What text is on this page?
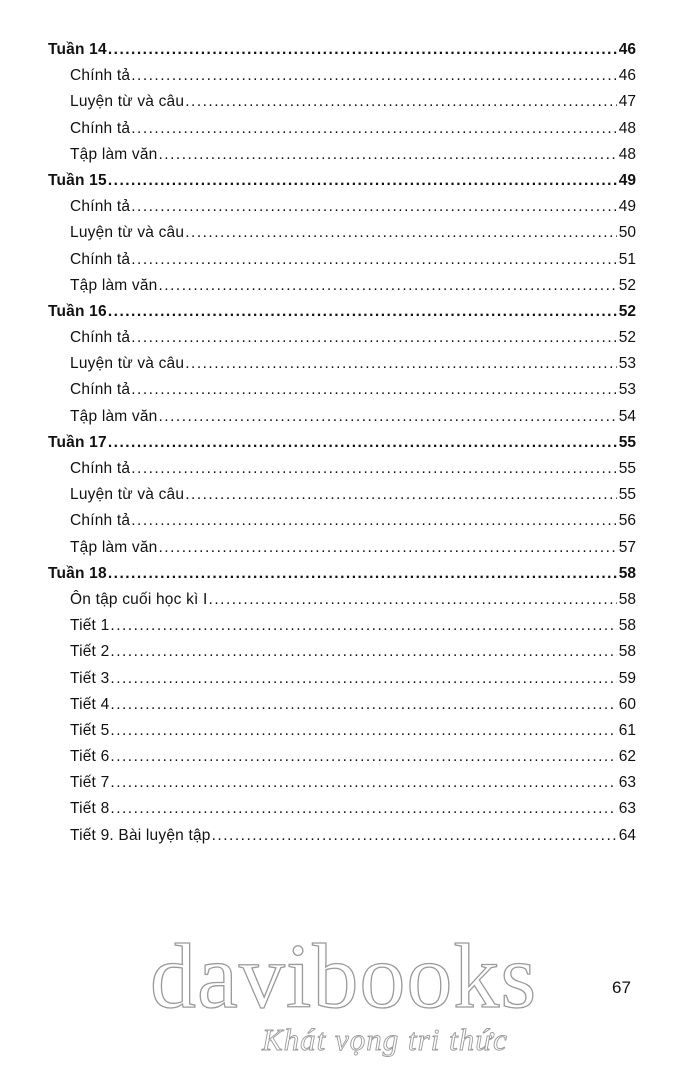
Tuần 14 .....	46
Chính tả .....	46
Luyện từ và câu .....	47
Chính tả .....	48
Tập làm văn .....	48
Tuần 15 .....	49
Chính tả .....	49
Luyện từ và câu .....	50
Chính tả .....	51
Tập làm văn .....	52
Tuần 16 .....	52
Chính tả .....	52
Luyện từ và câu .....	53
Chính tả .....	53
Tập làm văn .....	54
Tuần 17 .....	55
Chính tả .....	55
Luyện từ và câu .....	55
Chính tả .....	56
Tập làm văn .....	57
Tuần 18 .....	58
Ôn tập cuối học kì I .....	58
Tiết 1 .....	58
Tiết 2 .....	58
Tiết 3 .....	59
Tiết 4 .....	60
Tiết 5 .....	61
Tiết 6 .....	62
Tiết 7 .....	63
Tiết 8 .....	63
Tiết 9. Bài luyện tập .....	64
67
davibooks
Khát vọng tri thức
